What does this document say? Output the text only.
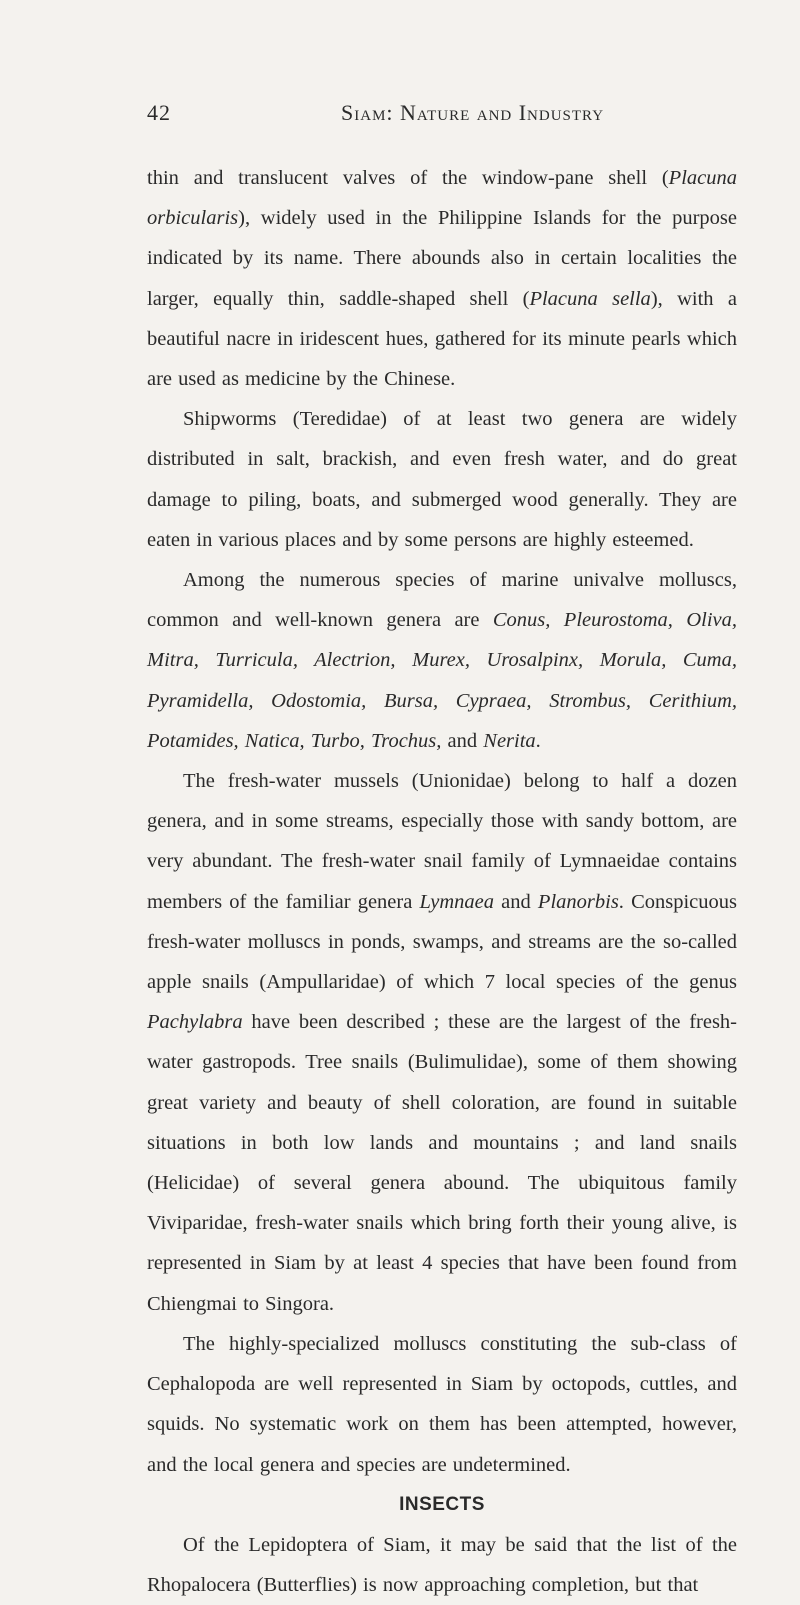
42	Siam: Nature and Industry

thin and translucent valves of the window-pane shell (Placuna orbicularis), widely used in the Philippine Islands for the purpose indicated by its name. There abounds also in certain localities the larger, equally thin, saddle-shaped shell (Placuna sella), with a beautiful nacre in iridescent hues, gathered for its minute pearls which are used as medicine by the Chinese.

Shipworms (Teredidae) of at least two genera are widely distributed in salt, brackish, and even fresh water, and do great damage to piling, boats, and submerged wood generally. They are eaten in various places and by some persons are highly esteemed.

Among the numerous species of marine univalve molluscs, common and well-known genera are Conus, Pleurostoma, Oliva, Mitra, Turricula, Alectrion, Murex, Urosalpinx, Morula, Cuma, Pyramidella, Odostomia, Bursa, Cypraea, Strombus, Cerithium, Potamides, Natica, Turbo, Trochus, and Nerita.

The fresh-water mussels (Unionidae) belong to half a dozen genera, and in some streams, especially those with sandy bottom, are very abundant. The fresh-water snail family of Lymnaeidae contains members of the familiar genera Lymnaea and Planorbis. Conspicuous fresh-water molluscs in ponds, swamps, and streams are the so-called apple snails (Ampullaridae) of which 7 local species of the genus Pachylabra have been described ; these are the largest of the fresh-water gastropods. Tree snails (Bulimulidae), some of them showing great variety and beauty of shell coloration, are found in suitable situations in both low lands and mountains ; and land snails (Helicidae) of several genera abound. The ubiquitous family Viviparidae, fresh-water snails which bring forth their young alive, is represented in Siam by at least 4 species that have been found from Chiengmai to Singora.

The highly-specialized molluscs constituting the sub-class of Cephalopoda are well represented in Siam by octopods, cuttles, and squids. No systematic work on them has been attempted, however, and the local genera and species are undetermined.

INSECTS

Of the Lepidoptera of Siam, it may be said that the list of the Rhopalocera (Butterflies) is now approaching completion, but that
